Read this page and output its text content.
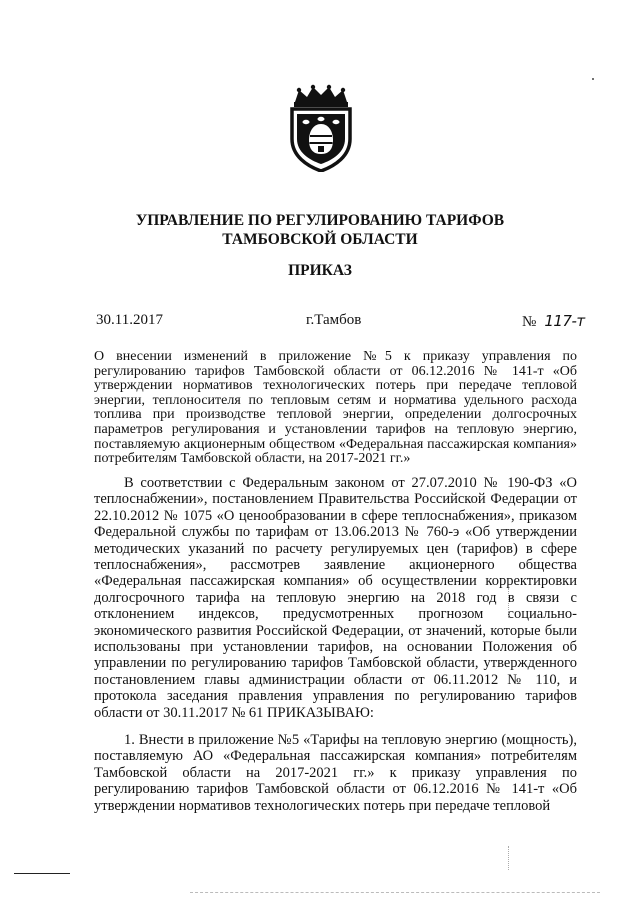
УПРАВЛЕНИЕ ПО РЕГУЛИРОВАНИЮ ТАРИФОВ
ТАМБОВСКОЙ ОБЛАСТИ
ПРИКАЗ
30.11.2017	г.Тамбов	№ 117-т
О внесении изменений в приложение №5 к приказу управления по регулированию тарифов Тамбовской области от 06.12.2016 № 141-т «Об утверждении нормативов технологических потерь при передаче тепловой энергии, теплоносителя по тепловым сетям и норматива удельного расхода топлива при производстве тепловой энергии, определении долгосрочных параметров регулирования и установлении тарифов на тепловую энергию, поставляемую акционерным обществом «Федеральная пассажирская компания» потребителям Тамбовской области, на 2017-2021 гг.»
В соответствии с Федеральным законом от 27.07.2010 № 190-ФЗ «О теплоснабжении», постановлением Правительства Российской Федерации от 22.10.2012 № 1075 «О ценообразовании в сфере теплоснабжения», приказом Федеральной службы по тарифам от 13.06.2013 № 760-э «Об утверждении методических указаний по расчету регулируемых цен (тарифов) в сфере теплоснабжения», рассмотрев заявление акционерного общества «Федеральная пассажирская компания» об осуществлении корректировки долгосрочного тарифа на тепловую энергию на 2018 год в связи с отклонением индексов, предусмотренных прогнозом социально-экономического развития Российской Федерации, от значений, которые были использованы при установлении тарифов, на основании Положения об управлении по регулированию тарифов Тамбовской области, утвержденного постановлением главы администрации области от 06.11.2012 № 110, и протокола заседания правления управления по регулированию тарифов области от 30.11.2017 № 61 ПРИКАЗЫВАЮ:
1. Внести в приложение №5 «Тарифы на тепловую энергию (мощность), поставляемую АО «Федеральная пассажирская компания» потребителям Тамбовской области на 2017-2021 гг.» к приказу управления по регулированию тарифов Тамбовской области от 06.12.2016 № 141-т «Об утверждении нормативов технологических потерь при передаче тепловой
